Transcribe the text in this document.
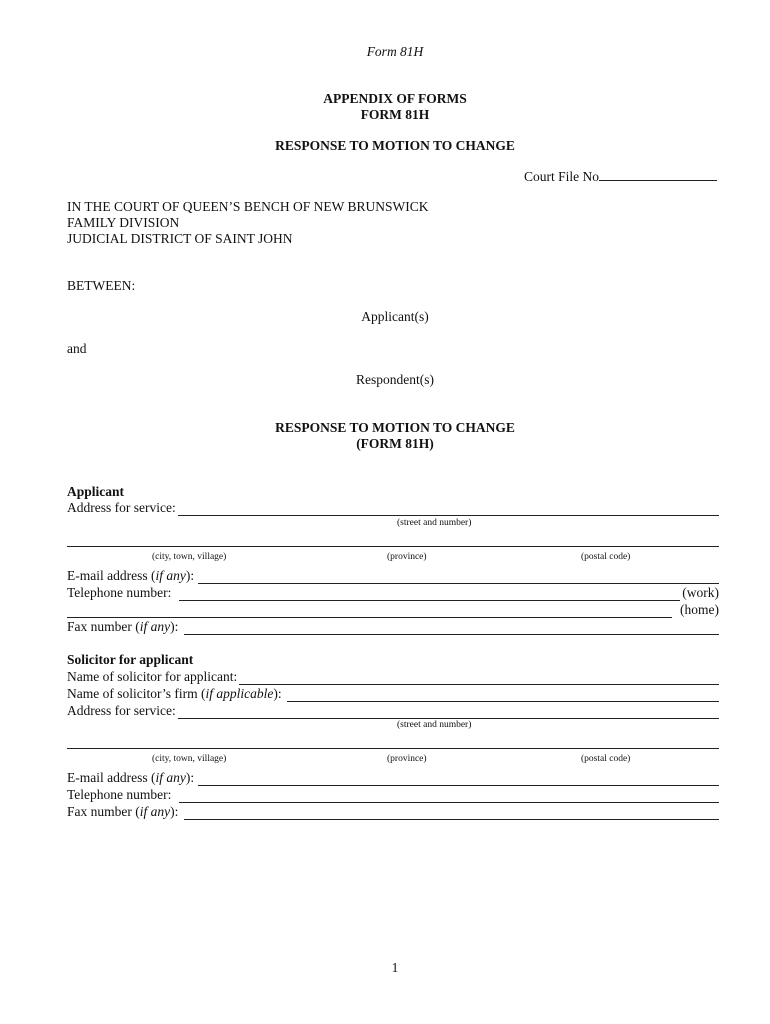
Form 81H
APPENDIX OF FORMS
FORM 81H
RESPONSE TO MOTION TO CHANGE
Court File No
IN THE COURT OF QUEEN’S BENCH OF NEW BRUNSWICK
FAMILY DIVISION
JUDICIAL DISTRICT OF SAINT JOHN
BETWEEN:
Applicant(s)
and
Respondent(s)
RESPONSE TO MOTION TO CHANGE
(FORM 81H)
Applicant
Address for service:
(street and number)
(city, town, village)	(province)	(postal code)
E-mail address (if any):
Telephone number:	(work)
(home)
Fax number (if any):
Solicitor for applicant
Name of solicitor for applicant:
Name of solicitor’s firm (if applicable):
Address for service:
(street and number)
(city, town, village)	(province)	(postal code)
E-mail address (if any):
Telephone number:
Fax number (if any):
1
